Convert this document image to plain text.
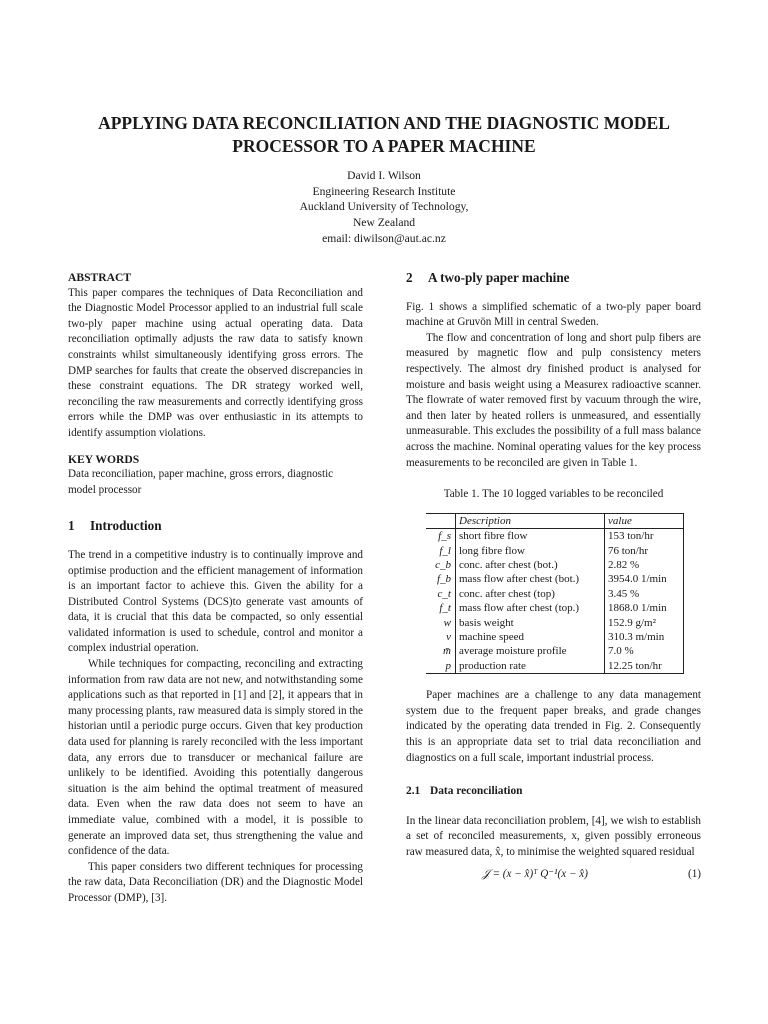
APPLYING DATA RECONCILIATION AND THE DIAGNOSTIC MODEL
PROCESSOR TO A PAPER MACHINE
David I. Wilson
Engineering Research Institute
Auckland University of Technology,
New Zealand
email: diwilson@aut.ac.nz
ABSTRACT

This paper compares the techniques of Data Reconciliation and the Diagnostic Model Processor applied to an industrial full scale two-ply paper machine using actual operating data. Data reconciliation optimally adjusts the raw data to satisfy known constraints whilst simultaneously identifying gross errors. The DMP searches for faults that create the observed discrepancies in these constraint equations. The DR strategy worked well, reconciling the raw measurements and correctly identifying gross errors while the DMP was over enthusiastic in its attempts to identify assumption violations.

KEY WORDS

Data reconciliation, paper machine, gross errors, diagnostic model processor

1 Introduction

The trend in a competitive industry is to continually improve and optimise production and the efficient management of information is an important factor to achieve this. Given the ability for a Distributed Control Systems (DCS)to generate vast amounts of data, it is crucial that this data be compacted, so only essential validated information is used to schedule, control and monitor a complex industrial operation.

While techniques for compacting, reconciling and extracting information from raw data are not new, and notwithstanding some applications such as that reported in [1] and [2], it appears that in many processing plants, raw measured data is simply stored in the historian until a periodic purge occurs. Given that key production data used for planning is rarely reconciled with the less important data, any errors due to transducer or mechanical failure are unlikely to be identified. Avoiding this potentially dangerous situation is the aim behind the optimal treatment of measured data. Even when the raw data does not seem to have an immediate value, combined with a model, it is possible to generate an improved data set, thus strengthening the value and confidence of the data.

This paper considers two different techniques for processing the raw data, Data Reconciliation (DR) and the Diagnostic Model Processor (DMP), [3].

2 A two-ply paper machine

Fig. 1 shows a simplified schematic of a two-ply paper board machine at Gruvön Mill in central Sweden.

The flow and concentration of long and short pulp fibers are measured by magnetic flow and pulp consistency meters respectively. The almost dry finished product is analysed for moisture and basis weight using a Measurex radioactive scanner. The flowrate of water removed first by vacuum through the wire, and then later by heated rollers is unmeasured, and essentially unmeasurable. This excludes the possibility of a full mass balance across the machine. Nominal operating values for the key process measurements to be reconciled are given in Table 1.

Table 1. The 10 logged variables to be reconciled

	Description	value
f_s	short fibre flow	153 ton/hr
f_l	long fibre flow	76 ton/hr
c_b	conc. after chest (bot.)	2.82 %
f_b	mass flow after chest (bot.)	3954.0 1/min
c_t	conc. after chest (top)	3.45 %
f_t	mass flow after chest (top.)	1868.0 1/min
w	basis weight	152.9 g/m²
v	machine speed	310.3 m/min
m̄	average moisture profile	7.0 %
p	production rate	12.25 ton/hr

Paper machines are a challenge to any data management system due to the frequent paper breaks, and grade changes indicated by the operating data trended in Fig. 2. Consequently this is an appropriate data set to trial data reconciliation and diagnostics on a full scale, important industrial process.

2.1 Data reconciliation

In the linear data reconciliation problem, [4], we wish to establish a set of reconciled measurements, x, given possibly erroneous raw measured data, x̂, to minimise the weighted squared residual

𝒥 = (x − x̂)ᵀ Q⁻¹(x − x̂)	(1)
